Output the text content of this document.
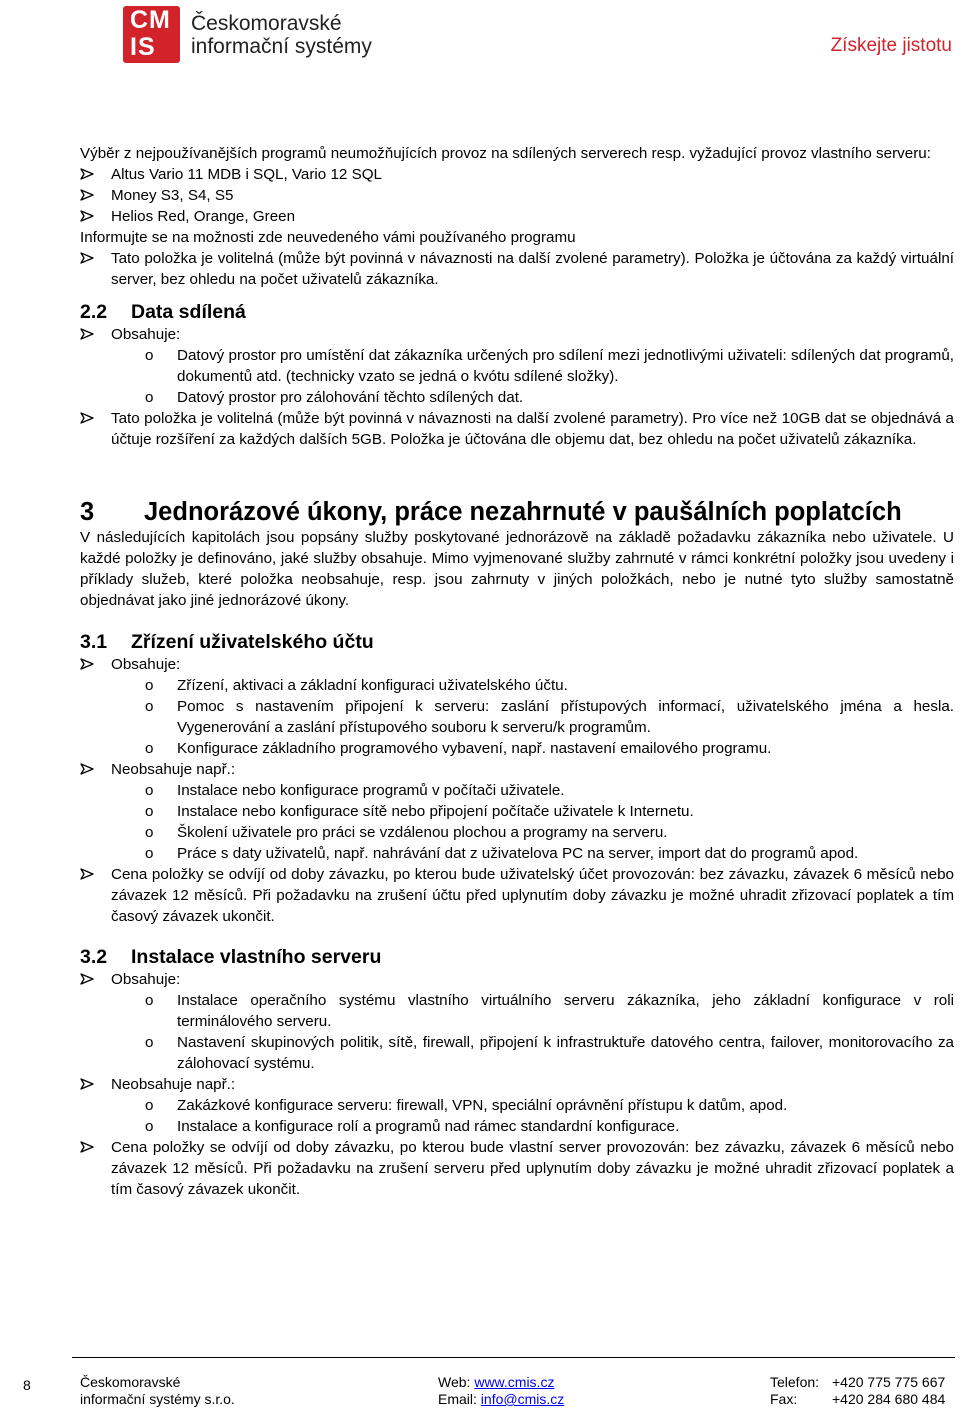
CM
IS
Českomoravské
informační systémy	Získejte jistotu

Výběr z nejpoužívanějších programů neumožňujících provoz na sdílených serverech resp. vyžadující provoz vlastního serveru:

Altus Vario 11 MDB i SQL, Vario 12 SQL
Money S3, S4, S5
Helios Red, Orange, Green

Informujte se na možnosti zde neuvedeného vámi používaného programu

Tato položka je volitelná (může být povinná v návaznosti na další zvolené parametry). Položka je účtována za každý virtuální server, bez ohledu na počet uživatelů zákazníka.
2.2 Data sdílená
Obsahuje:
o Datový prostor pro umístění dat zákazníka určených pro sdílení mezi jednotlivými uživateli: sdílených dat programů, dokumentů atd. (technicky vzato se jedná o kvótu sdílené složky).
o Datový prostor pro zálohování těchto sdílených dat.
Tato položka je volitelná (může být povinná v návaznosti na další zvolené parametry). Pro více než 10GB dat se objednává a účtuje rozšíření za každých dalších 5GB. Položka je účtována dle objemu dat, bez ohledu na počet uživatelů zákazníka.
3 Jednorázové úkony, práce nezahrnuté v paušálních poplatcích

V následujících kapitolách jsou popsány služby poskytované jednorázově na základě požadavku zákazníka nebo uživatele. U každé položky je definováno, jaké služby obsahuje. Mimo vyjmenované služby zahrnuté v rámci konkrétní položky jsou uvedeny i příklady služeb, které položka neobsahuje, resp. jsou zahrnuty v jiných položkách, nebo je nutné tyto služby samostatně objednávat jako jiné jednorázové úkony.

3.1 Zřízení uživatelského účtu
Obsahuje:
o Zřízení, aktivaci a základní konfiguraci uživatelského účtu.
o Pomoc s nastavením připojení k serveru: zaslání přístupových informací, uživatelského jména a hesla. Vygenerování a zaslání přístupového souboru k serveru/k programům.
o Konfigurace základního programového vybavení, např. nastavení emailového programu.
Neobsahuje např.:
o Instalace nebo konfigurace programů v počítači uživatele.
o Instalace nebo konfigurace sítě nebo připojení počítače uživatele k Internetu.
o Školení uživatele pro práci se vzdálenou plochou a programy na serveru.
o Práce s daty uživatelů, např. nahrávání dat z uživatelova PC na server, import dat do programů apod.
Cena položky se odvíjí od doby závazku, po kterou bude uživatelský účet provozován: bez závazku, závazek 6 měsíců nebo závazek 12 měsíců. Při požadavku na zrušení účtu před uplynutím doby závazku je možné uhradit zřizovací poplatek a tím časový závazek ukončit.
3.2 Instalace vlastního serveru
Obsahuje:
o Instalace operačního systému vlastního virtuálního serveru zákazníka, jeho základní konfigurace v roli terminálového serveru.
o Nastavení skupinových politik, sítě, firewall, připojení k infrastruktuře datového centra, failover, monitorovacího za zálohovací systému.
Neobsahuje např.:
o Zakázkové konfigurace serveru: firewall, VPN, speciální oprávnění přístupu k datům, apod.
o Instalace a konfigurace rolí a programů nad rámec standardní konfigurace.
Cena položky se odvíjí od doby závazku, po kterou bude vlastní server provozován: bez závazku, závazek 6 měsíců nebo závazek 12 měsíců. Při požadavku na zrušení serveru před uplynutím doby závazku je možné uhradit zřizovací poplatek a tím časový závazek ukončit.
8	Českomoravské
informační systémy s.r.o.
Web: www.cmis.cz
Email: info@cmis.cz
Telefon: +420 775 775 667
Fax: +420 284 680 484
